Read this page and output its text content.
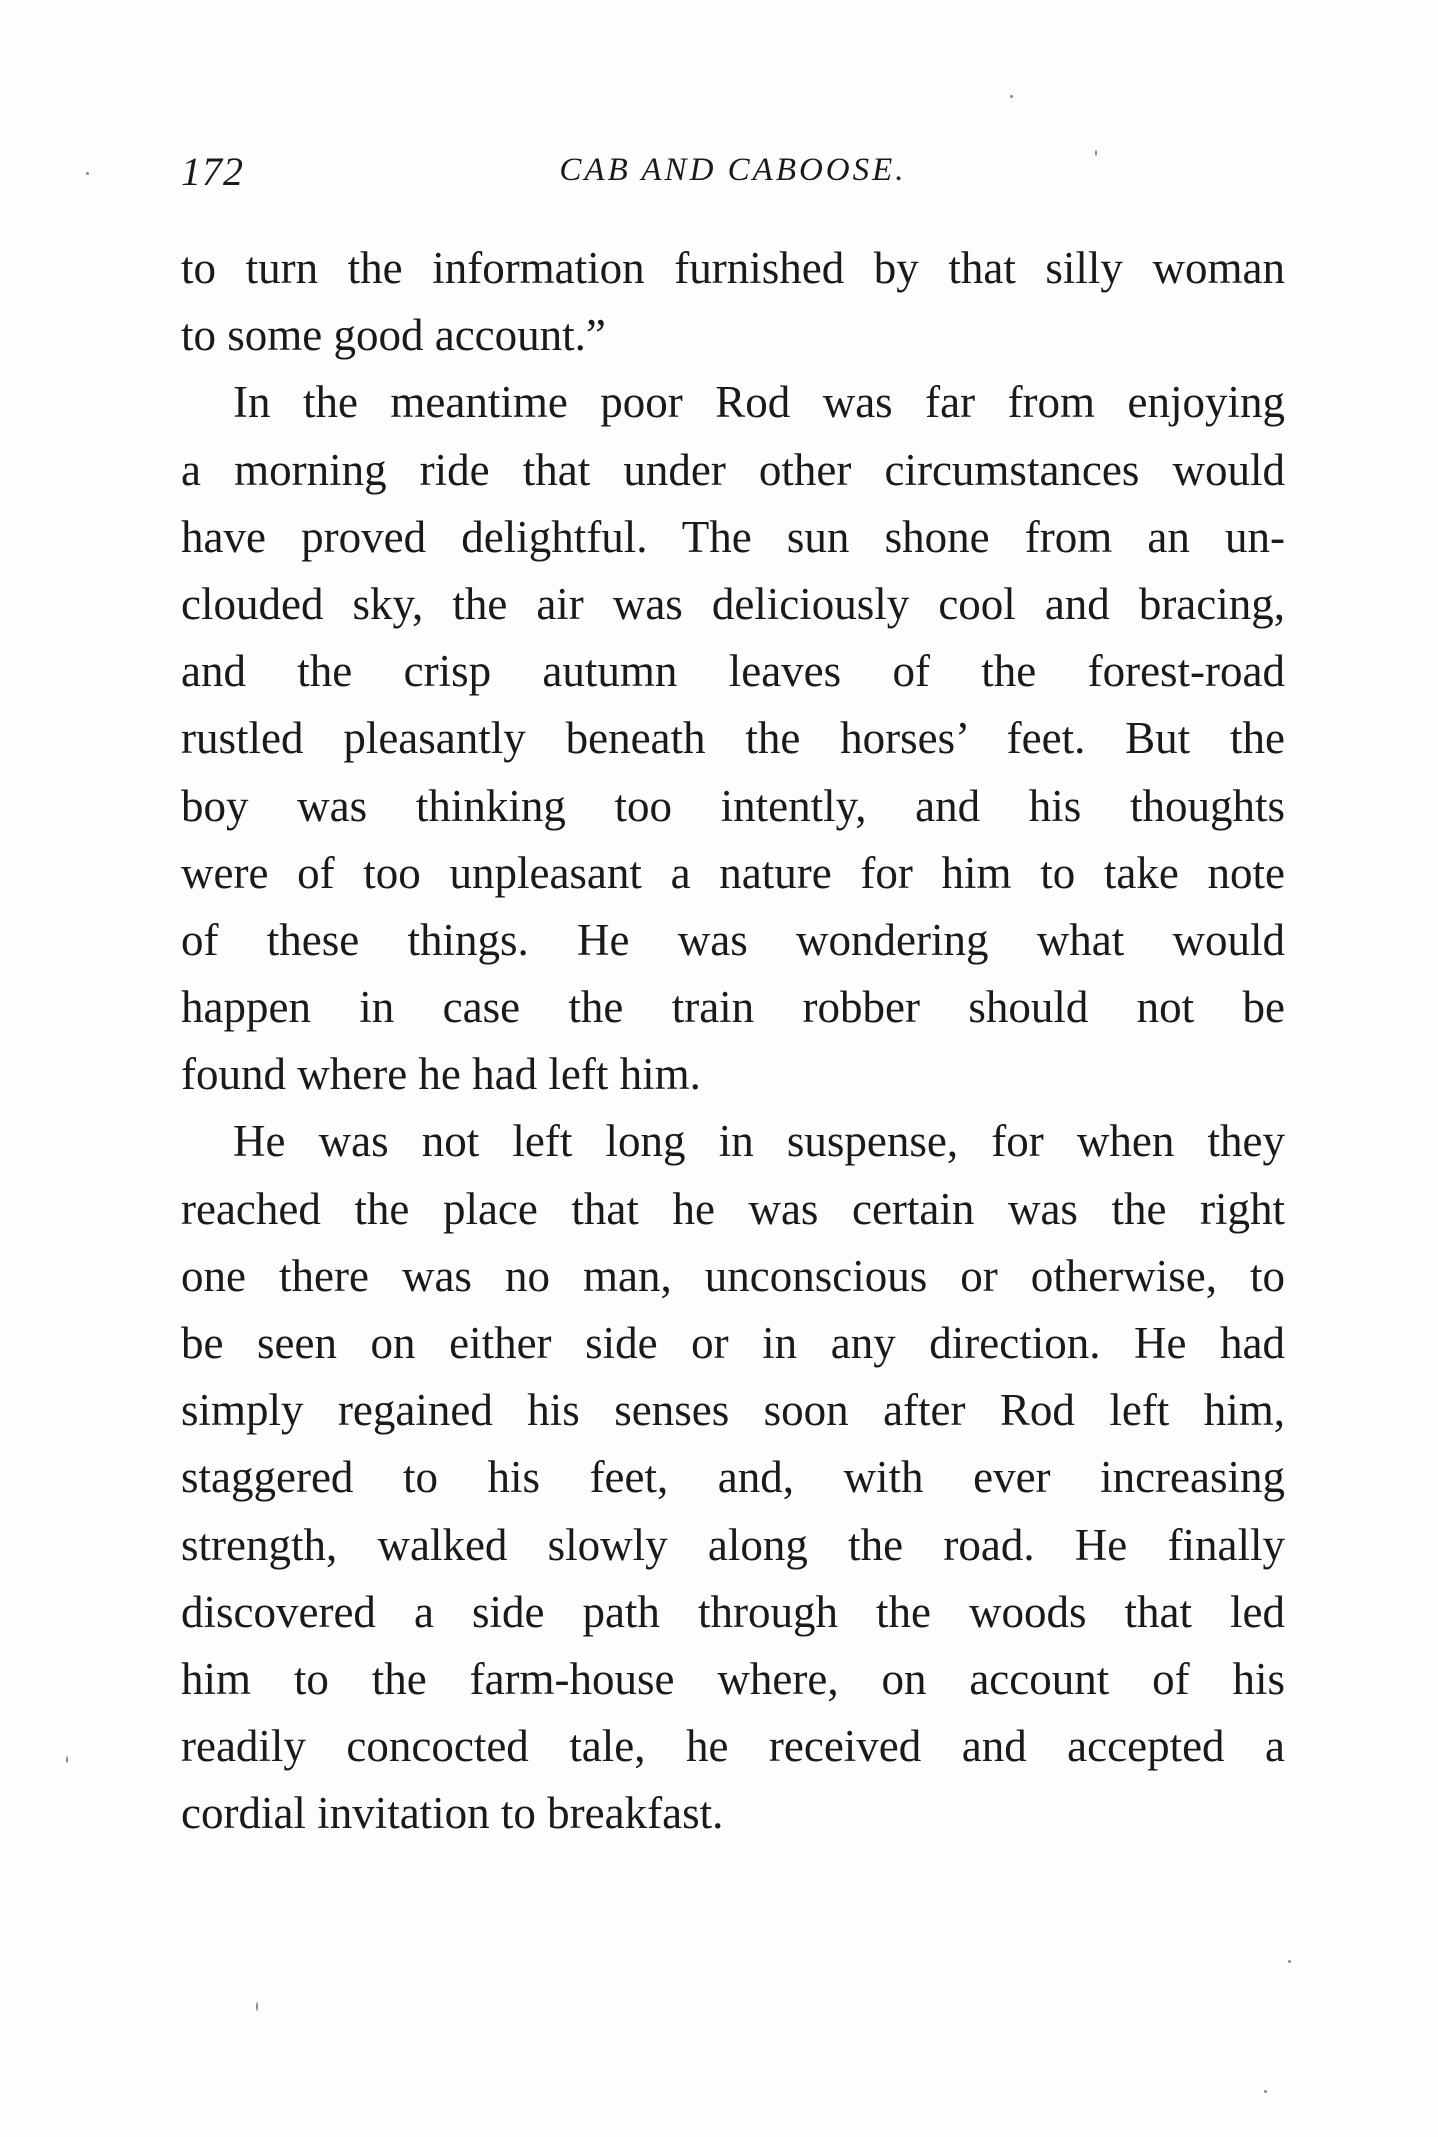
172	CAB AND CABOOSE.
to turn the information furnished by that silly woman
to some good account.”
In the meantime poor Rod was far from enjoying
a morning ride that under other circumstances would
have proved delightful. The sun shone from an un-
clouded sky, the air was deliciously cool and bracing,
and the crisp autumn leaves of the forest-road
rustled pleasantly beneath the horses’ feet. But the
boy was thinking too intently, and his thoughts
were of too unpleasant a nature for him to take note
of these things. He was wondering what would
happen in case the train robber should not be
found where he had left him.
He was not left long in suspense, for when they
reached the place that he was certain was the right
one there was no man, unconscious or otherwise, to
be seen on either side or in any direction. He had
simply regained his senses soon after Rod left him,
staggered to his feet, and, with ever increasing
strength, walked slowly along the road. He finally
discovered a side path through the woods that led
him to the farm-house where, on account of his
readily concocted tale, he received and accepted a
cordial invitation to breakfast.
